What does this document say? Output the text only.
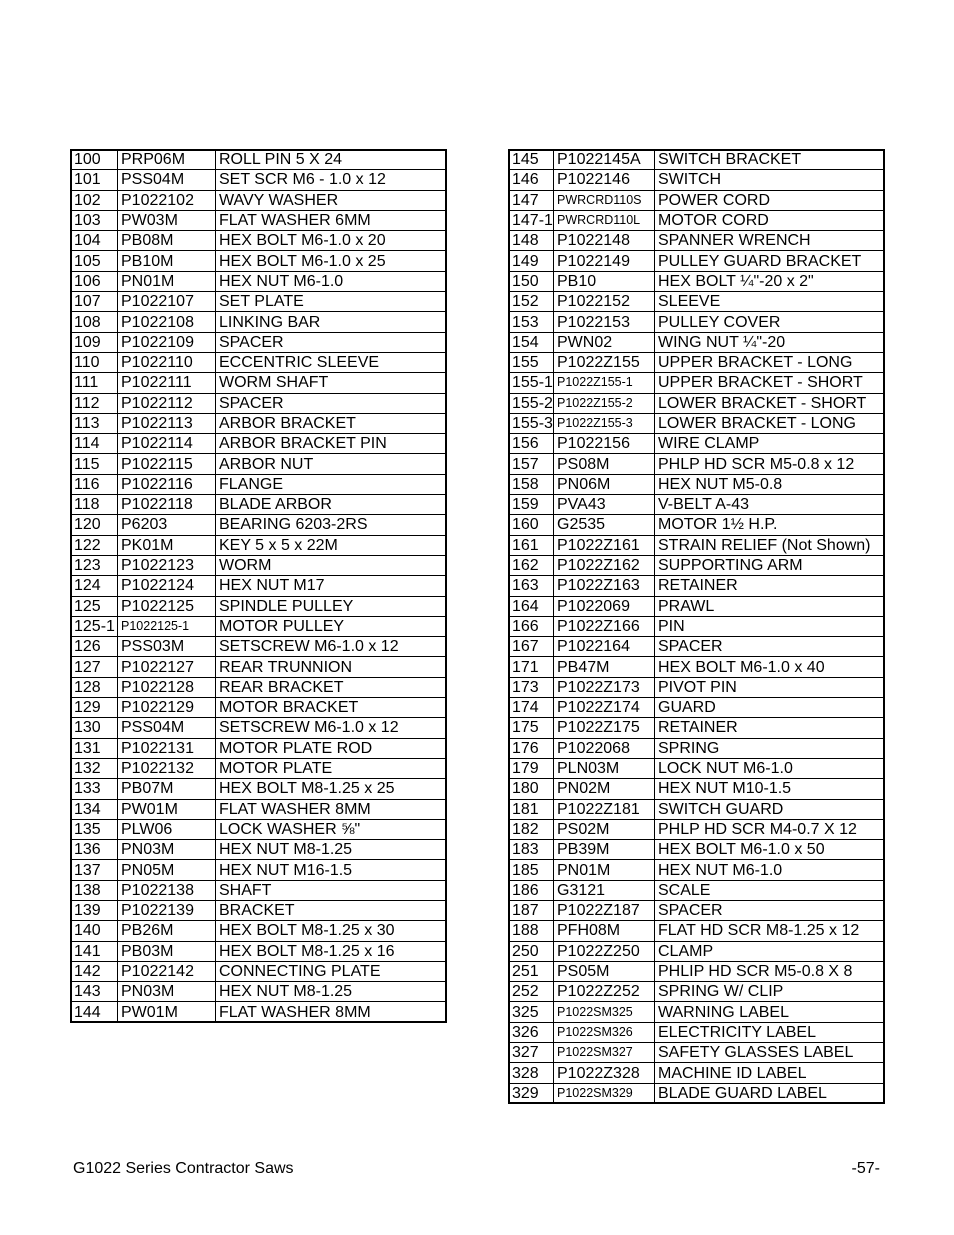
100	PRP06M	ROLL PIN 5 X 24
101	PSS04M	SET SCR M6 - 1.0 x 12
102	P1022102	WAVY WASHER
103	PW03M	FLAT WASHER 6MM
104	PB08M	HEX BOLT M6-1.0 x 20
105	PB10M	HEX BOLT M6-1.0 x 25
106	PN01M	HEX NUT M6-1.0
107	P1022107	SET PLATE
108	P1022108	LINKING BAR
109	P1022109	SPACER
110	P1022110	ECCENTRIC SLEEVE
111	P1022111	WORM SHAFT
112	P1022112	SPACER
113	P1022113	ARBOR BRACKET
114	P1022114	ARBOR BRACKET PIN
115	P1022115	ARBOR NUT
116	P1022116	FLANGE
118	P1022118	BLADE ARBOR
120	P6203	BEARING 6203-2RS
122	PK01M	KEY 5 x 5 x 22M
123	P1022123	WORM
124	P1022124	HEX NUT M17
125	P1022125	SPINDLE PULLEY
125-1	P1022125-1	MOTOR PULLEY
126	PSS03M	SETSCREW M6-1.0 x 12
127	P1022127	REAR TRUNNION
128	P1022128	REAR BRACKET
129	P1022129	MOTOR BRACKET
130	PSS04M	SETSCREW M6-1.0 x 12
131	P1022131	MOTOR PLATE ROD
132	P1022132	MOTOR PLATE
133	PB07M	HEX BOLT M8-1.25 x 25
134	PW01M	FLAT WASHER 8MM
135	PLW06	LOCK WASHER ⅝"
136	PN03M	HEX NUT M8-1.25
137	PN05M	HEX NUT M16-1.5
138	P1022138	SHAFT
139	P1022139	BRACKET
140	PB26M	HEX BOLT M8-1.25 x 30
141	PB03M	HEX BOLT M8-1.25 x 16
142	P1022142	CONNECTING PLATE
143	PN03M	HEX NUT M8-1.25
144	PW01M	FLAT WASHER 8MM
145	P1022145A	SWITCH BRACKET
146	P1022146	SWITCH
147	PWRCRD110S	POWER CORD
147-1	PWRCRD110L	MOTOR CORD
148	P1022148	SPANNER WRENCH
149	P1022149	PULLEY GUARD BRACKET
150	PB10	HEX BOLT ¼"-20 x 2"
152	P1022152	SLEEVE
153	P1022153	PULLEY COVER
154	PWN02	WING NUT ¼"-20
155	P1022Z155	UPPER BRACKET - LONG
155-1	P1022Z155-1	UPPER BRACKET - SHORT
155-2	P1022Z155-2	LOWER BRACKET - SHORT
155-3	P1022Z155-3	LOWER BRACKET - LONG
156	P1022156	WIRE CLAMP
157	PS08M	PHLP HD SCR M5-0.8 x 12
158	PN06M	HEX NUT M5-0.8
159	PVA43	V-BELT A-43
160	G2535	MOTOR 1½ H.P.
161	P1022Z161	STRAIN RELIEF (Not Shown)
162	P1022Z162	SUPPORTING ARM
163	P1022Z163	RETAINER
164	P1022069	PRAWL
166	P1022Z166	PIN
167	P1022164	SPACER
171	PB47M	HEX BOLT M6-1.0 x 40
173	P1022Z173	PIVOT PIN
174	P1022Z174	GUARD
175	P1022Z175	RETAINER
176	P1022068	SPRING
179	PLN03M	LOCK NUT M6-1.0
180	PN02M	HEX NUT M10-1.5
181	P1022Z181	SWITCH GUARD
182	PS02M	PHLP HD SCR M4-0.7 X 12
183	PB39M	HEX BOLT M6-1.0 x 50
185	PN01M	HEX NUT M6-1.0
186	G3121	SCALE
187	P1022Z187	SPACER
188	PFH08M	FLAT HD SCR M8-1.25 x 12
250	P1022Z250	CLAMP
251	PS05M	PHLIP HD SCR M5-0.8 X 8
252	P1022Z252	SPRING W/ CLIP
325	P1022SM325	WARNING LABEL
326	P1022SM326	ELECTRICITY LABEL
327	P1022SM327	SAFETY GLASSES LABEL
328	P1022Z328	MACHINE ID LABEL
329	P1022SM329	BLADE GUARD LABEL
G1022 Series Contractor Saws	-57-
